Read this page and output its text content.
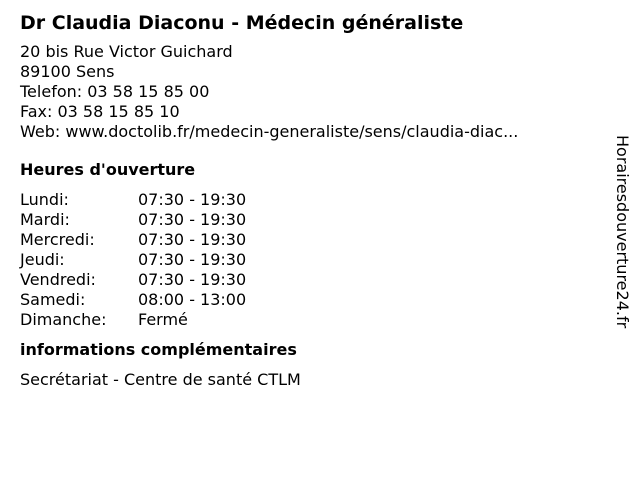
Dr Claudia Diaconu - Médecin généraliste
20 bis Rue Victor Guichard
89100 Sens
Telefon: 03 58 15 85 00
Fax: 03 58 15 85 10
Web: www.doctolib.fr/medecin-generaliste/sens/claudia-diac...
Heures d'ouverture
Lundi:	07:30 - 19:30
Mardi:	07:30 - 19:30
Mercredi:	07:30 - 19:30
Jeudi:	07:30 - 19:30
Vendredi:	07:30 - 19:30
Samedi:	08:00 - 13:00
Dimanche: Fermé
informations complémentaires
Secrétariat - Centre de santé CTLM
Horairesdouverture24.fr
